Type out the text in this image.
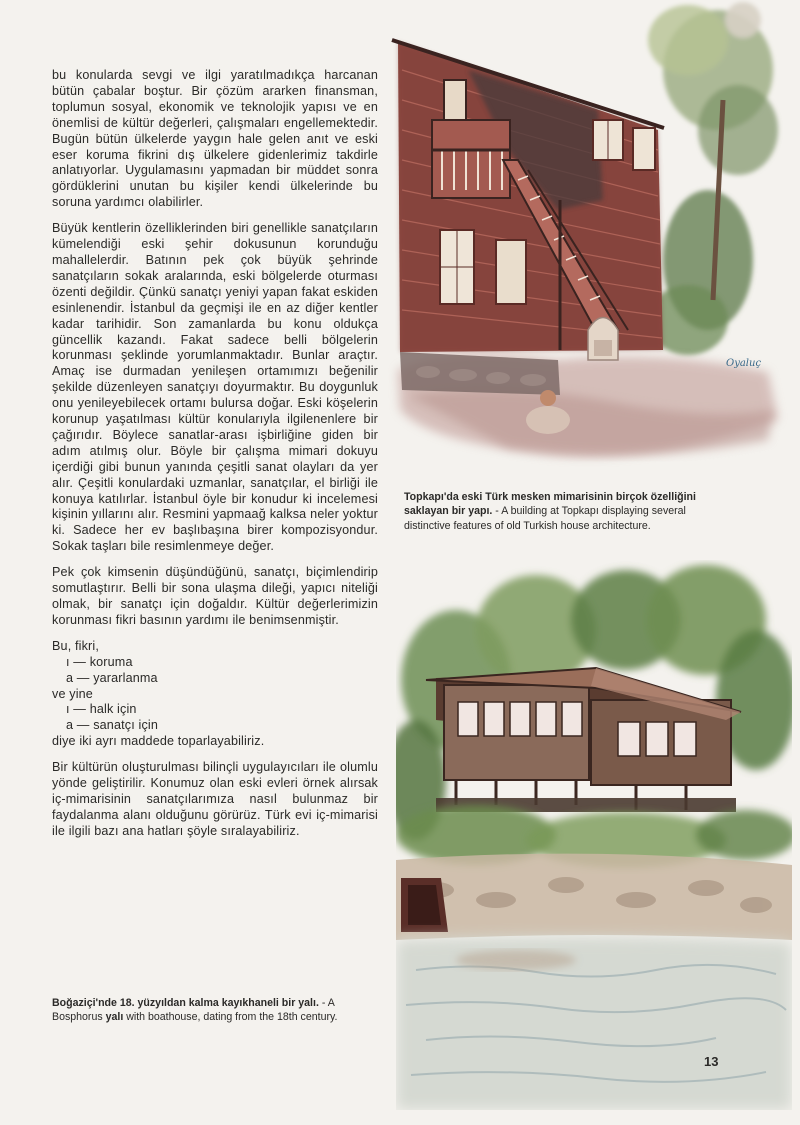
bu konularda sevgi ve ilgi yaratılmadıkça harcanan bütün çabalar boştur. Bir çözüm ararken finansman, toplumun sosyal, ekonomik ve teknolojik yapısı ve en önemlisi de kültür değerleri, çalışmaları engellemektedir. Bugün bütün ülkelerde yaygın hale gelen anıt ve eski eser koruma fikrini dış ülkelere gidenlerimiz takdirle anlatıyorlar. Uygulamasını yapmadan bir müddet sonra gördüklerini unutan bu kişiler kendi ülkelerinde bu soruna yardımcı olabilirler.

Büyük kentlerin özelliklerinden biri genellikle sanatçıların kümelendiği eski şehir dokusunun korunduğu mahallelerdir. Batının pek çok büyük şehrinde sanatçıların sokak aralarında, eski bölgelerde oturması özenti değildir. Çünkü sanatçı yeniyi yapan fakat eskiden esinlenendir. İstanbul da geçmişi ile en az diğer kentler kadar tarihidir. Son zamanlarda bu konu oldukça güncellik kazandı. Fakat sadece belli bölgelerin korunması şeklinde yorumlanmaktadır. Bunlar araçtır. Amaç ise durmadan yenileşen ortamımızı beğenilir şekilde düzenleyen sanatçıyı doyurmaktır. Bu doygunluk onu yenileyebilecek ortamı bulursa doğar. Eski köşelerin korunup yaşatılması kültür konularıyla ilgilenenlere bir çağırıdır. Böylece sanatlar-arası işbirliğine giden bir adım atılmış olur. Böyle bir çalışma mimari dokuyu içerdiği gibi bunun yanında çeşitli sanat olayları da yer alır. Çeşitli konulardaki uzmanlar, sanatçılar, el birliği ile konuya katılırlar. İstanbul öyle bir konudur ki incelemesi kişinin yıllarını alır. Resmini yapmaağ kalksa neler yoktur ki. Sadece her ev başlıbaşına birer kompozisyondur. Sokak taşları bile resimlenmeye değer.

Pek çok kimsenin düşündüğünü, sanatçı, biçimlendirip somutlaştırır. Belli bir sona ulaşma dileği, yapıcı niteliği olmak, bir sanatçı için doğaldır. Kültür değerlerimizin korunması fikri basının yardımı ile benimsenmiştir.

Bu, fikri,
ı — koruma
a — yararlanma
ve yine
ı — halk için
a — sanatçı için
diye iki ayrı maddede toparlayabiliriz.

Bir kültürün oluşturulması bilinçli uygulayıcıları ile olumlu yönde geliştirilir. Konumuz olan eski evleri örnek alırsak iç-mimarisinin sanatçılarımıza nasıl bulunmaz bir faydalanma alanı olduğunu görürüz. Türk evi iç-mimarisi ile ilgili bazı ana hatları şöyle sıralayabiliriz.

Oyaluç
Topkapı'da eski Türk mesken mimarisinin birçok özelliğini saklayan bir yapı. - A building at Topkapı displaying several distinctive features of old Turkish house architecture.
Boğaziçi'nde 18. yüzyıldan kalma kayıkhaneli bir yalı. - A Bosphorus yalı with boathouse, dating from the 18th century.
13
